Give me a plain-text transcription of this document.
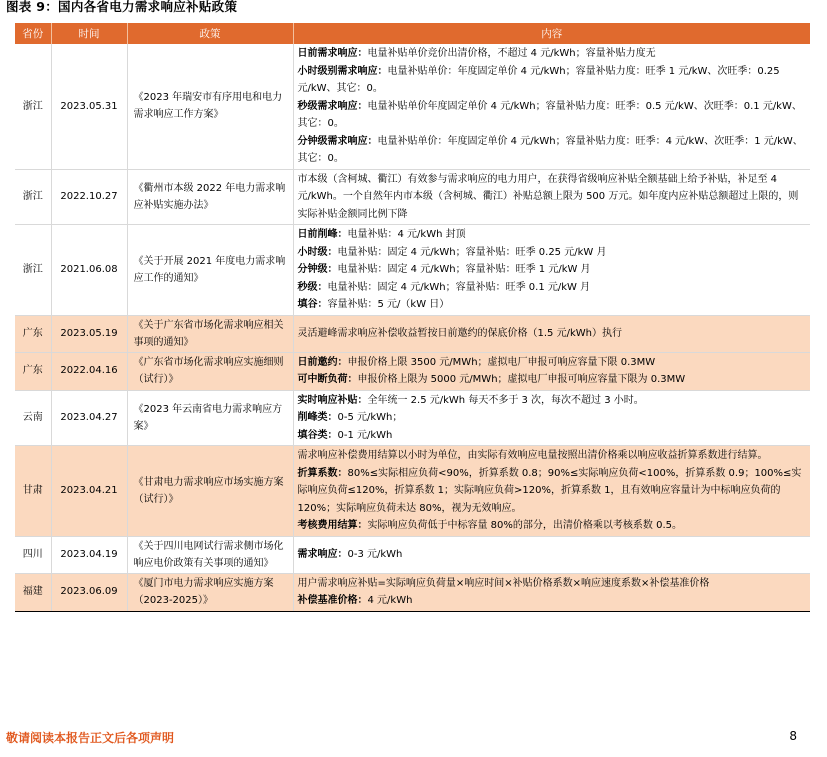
图表 9：国内各省电力需求响应补贴政策
省份	时间	政策	内容
浙江	2023.05.31	《2023 年瑞安市有序用电和电力需求响应工作方案》	日前需求响应：电量补贴单价竞价出清价格，不超过 4 元/kWh；容量补贴力度无
小时级别需求响应：电量补贴单价：年度固定单价 4 元/kWh；容量补贴力度：旺季 1 元/kW、次旺季：0.25 元/kW、其它：0。
秒级需求响应：电量补贴单价年度固定单价 4 元/kWh；容量补贴力度：旺季：0.5 元/kW、次旺季：0.1 元/kW、其它：0。
分钟级需求响应：电量补贴单价：年度固定单价 4 元/kWh；容量补贴力度：旺季：4 元/kW、次旺季：1 元/kW、其它：0。

浙江	2022.10.27	《衢州市本级 2022 年电力需求响应补贴实施办法》	市本级（含柯城、衢江）有效参与需求响应的电力用户，在获得省级响应补贴全额基础上给予补贴，补足至 4 元/kWh。一个自然年内市本级（含柯城、衢江）补贴总额上限为 500 万元。如年度内应补贴总额超过上限的，则实际补贴金额同比例下降

浙江	2021.06.08	《关于开展 2021 年度电力需求响应工作的通知》	日前削峰：电量补贴：4 元/kWh 封顶
小时级：电量补贴：固定 4 元/kWh；容量补贴：旺季 0.25 元/kW 月
分钟级：电量补贴：固定 4 元/kWh；容量补贴：旺季 1 元/kW 月
秒级：电量补贴：固定 4 元/kWh；容量补贴：旺季 0.1 元/kW 月
填谷：容量补贴：5 元/（kW 日）

广东	2023.05.19	《关于广东省市场化需求响应相关事项的通知》	灵活避峰需求响应补偿收益暂按日前邀约的保底价格（1.5 元/kWh）执行

广东	2022.04.16	《广东省市场化需求响应实施细则（试行）》	日前邀约：申报价格上限 3500 元/MWh；虚拟电厂申报可响应容量下限 0.3MW
可中断负荷：申报价格上限为 5000 元/MWh；虚拟电厂申报可响应容量下限为 0.3MW

云南	2023.04.27	《2023 年云南省电力需求响应方案》	实时响应补贴：全年统一 2.5 元/kWh 每天不多于 3 次，每次不超过 3 小时。
削峰类：0-5 元/kWh；
填谷类：0-1 元/kWh

甘肃	2023.04.21	《甘肃电力需求响应市场实施方案（试行）》	需求响应补偿费用结算以小时为单位，由实际有效响应电量按照出清价格乘以响应收益折算系数进行结算。
折算系数：80%≤实际相应负荷<90%，折算系数 0.8；90%≤实际响应负荷<100%，折算系数 0.9；100%≤实际响应负荷≤120%，折算系数 1；实际响应负荷>120%，折算系数 1，且有效响应容量计为中标响应负荷的 120%；实际响应负荷未达 80%，视为无效响应。
考核费用结算：实际响应负荷低于中标容量 80%的部分，出清价格乘以考核系数 0.5。

四川	2023.04.19	《关于四川电网试行需求侧市场化响应电价政策有关事项的通知》	需求响应：0-3 元/kWh

福建	2023.06.09	《厦门市电力需求响应实施方案（2023-2025）》	用户需求响应补贴=实际响应负荷量×响应时间×补贴价格系数×响应速度系数×补偿基准价格
补偿基准价格：4 元/kWh
敬请阅读本报告正文后各项声明	8
